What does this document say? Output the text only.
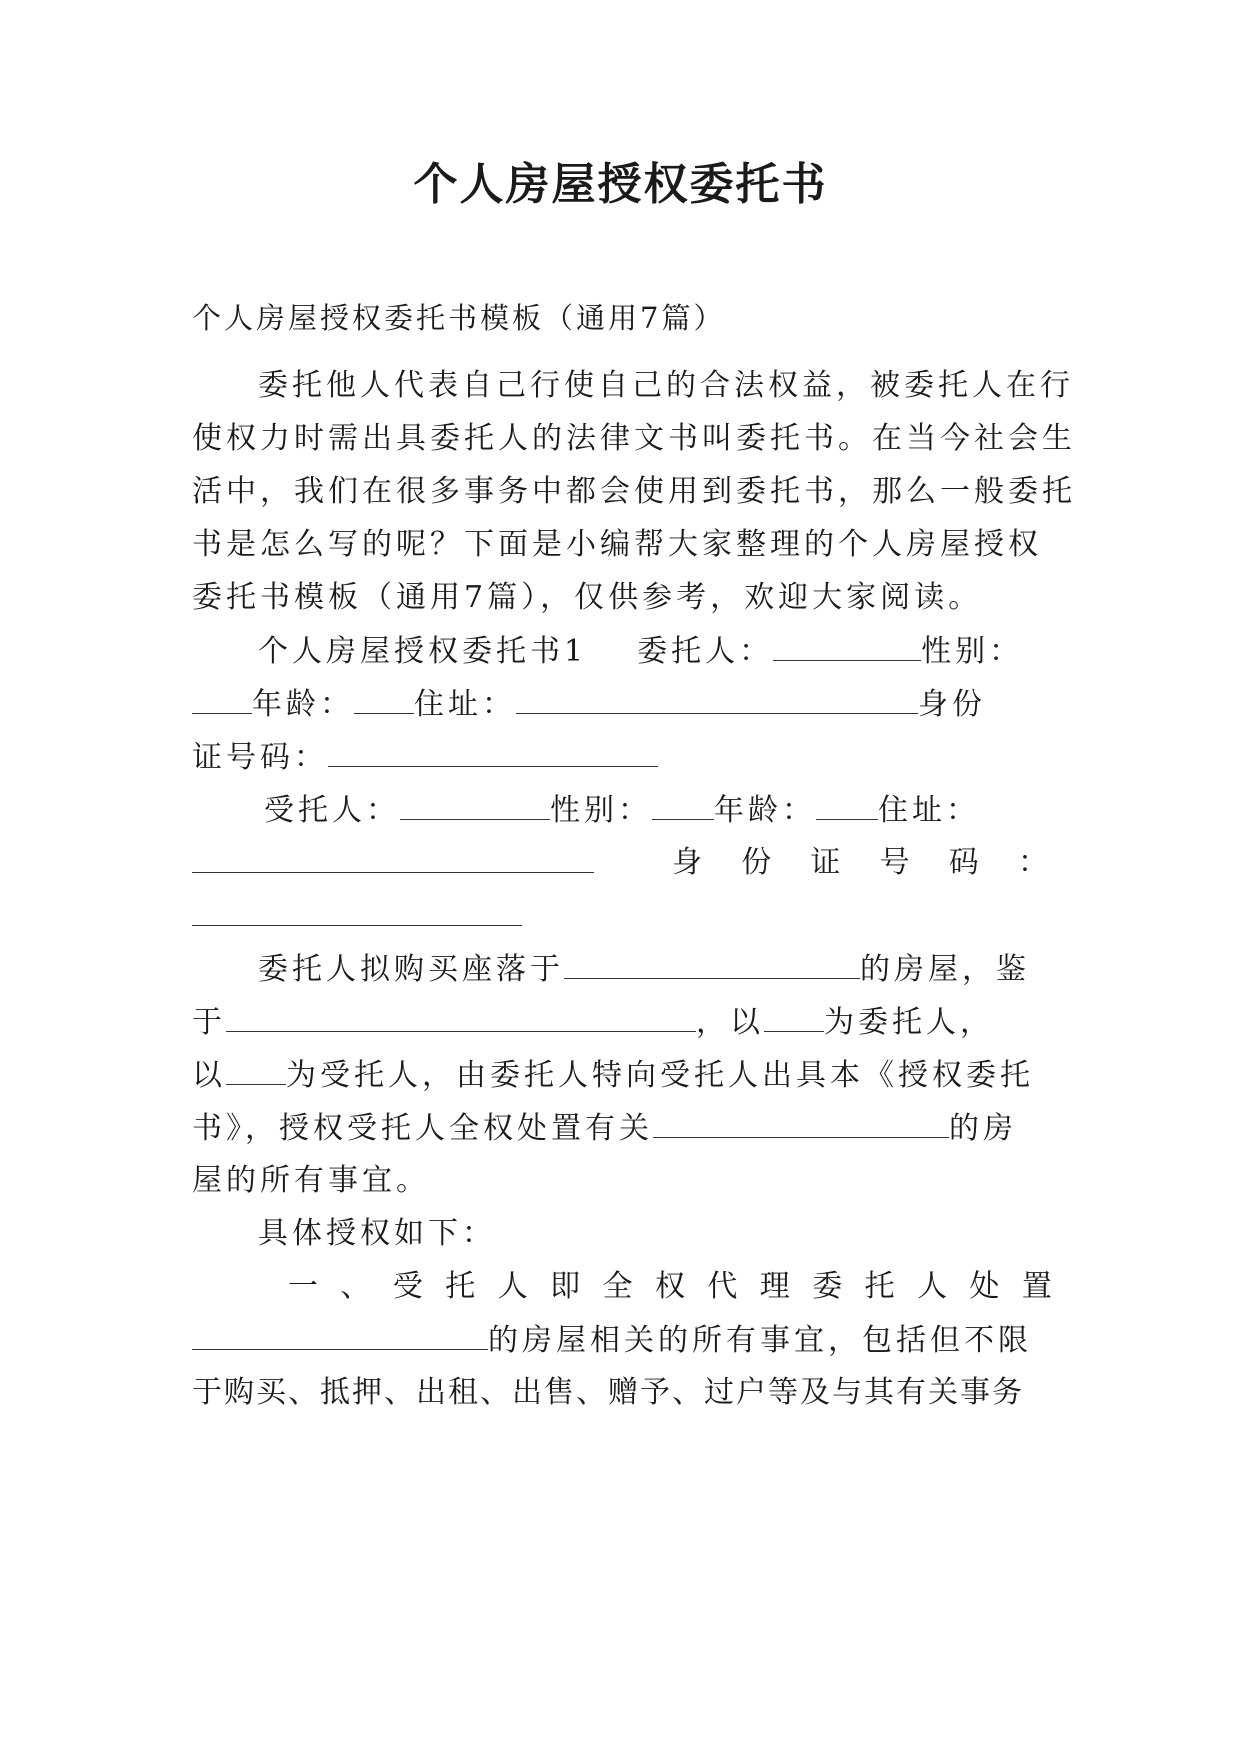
个人房屋授权委托书

个人房屋授权委托书模板（通用7篇）

委托他人代表自己行使自己的合法权益，被委托人在行
使权力时需出具委托人的法律文书叫委托书。在当今社会生
活中，我们在很多事务中都会使用到委托书，那么一般委托
书是怎么写的呢？下面是小编帮大家整理的个人房屋授权
委托书模板（通用7篇），仅供参考，欢迎大家阅读。
个人房屋授权委托书1 委托人：	性别：
年龄： 住址：	身份
证号码：
受托人：	性别： 年龄： 住址：
身 份 证 号 码 ：
委托人拟购买座落于	的房屋，鉴
于	，以 为委托人，
以 为受托人，由委托人特向受托人出具本《授权委托
书》，授权受托人全权处置有关	的房
屋的所有事宜。
具体授权如下：
一 、 受 托 人 即 全 权 代 理 委 托 人 处 置
的房屋相关的所有事宜，包括但不限
于购买、抵押、出租、出售、赠予、过户等及与其有关事务
